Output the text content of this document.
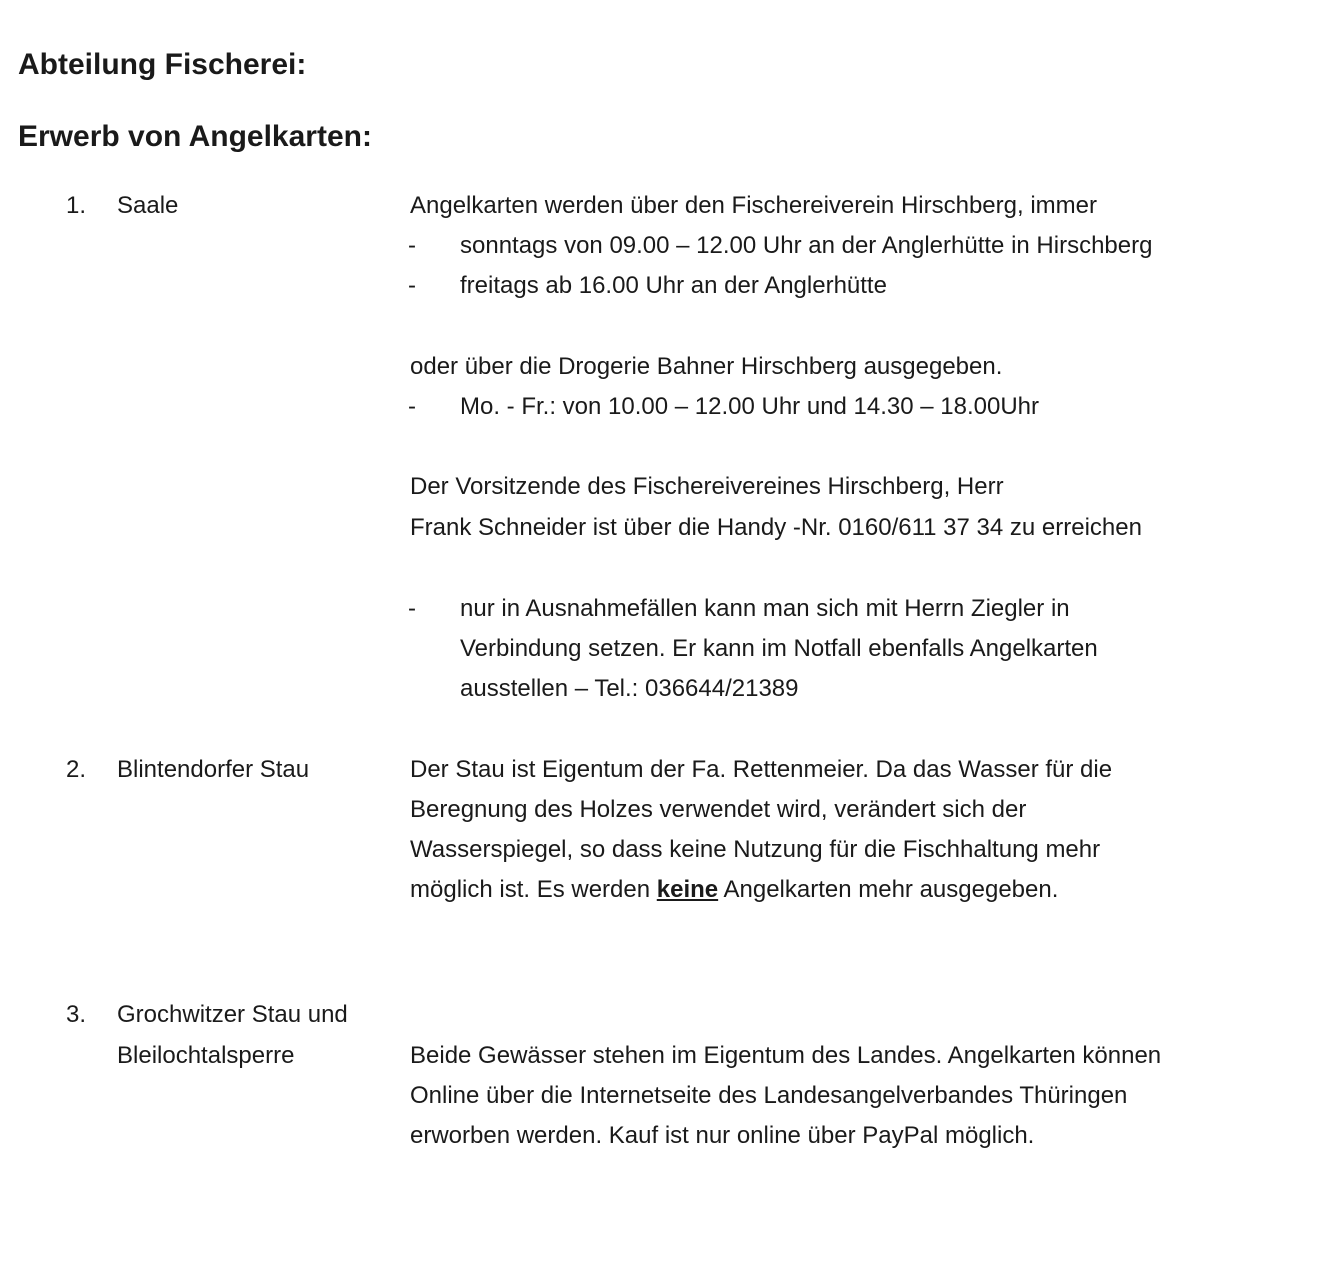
Abteilung Fischerei:
Erwerb von Angelkarten:
1. Saale	Angelkarten werden über den Fischereiverein Hirschberg, immer
- sonntags von 09.00 – 12.00 Uhr an der Anglerhütte in Hirschberg
- freitags ab 16.00 Uhr an der Anglerhütte
oder über die Drogerie Bahner Hirschberg ausgegeben.
- Mo. - Fr.: von 10.00 – 12.00 Uhr und 14.30 – 18.00Uhr
Der Vorsitzende des Fischereivereines Hirschberg, Herr
Frank Schneider ist über die Handy -Nr. 0160/611 37 34 zu erreichen
- nur in Ausnahmefällen kann man sich mit Herrn Ziegler in
Verbindung setzen. Er kann im Notfall ebenfalls Angelkarten
ausstellen – Tel.: 036644/21389
2. Blintendorfer Stau	Der Stau ist Eigentum der Fa. Rettenmeier. Da das Wasser für die
Beregnung des Holzes verwendet wird, verändert sich der
Wasserspiegel, so dass keine Nutzung für die Fischhaltung mehr
möglich ist. Es werden keine Angelkarten mehr ausgegeben.
3. Grochwitzer Stau und
Bleilochtalsperre	Beide Gewässer stehen im Eigentum des Landes. Angelkarten können
Online über die Internetseite des Landesangelverbandes Thüringen
erworben werden. Kauf ist nur online über PayPal möglich.
